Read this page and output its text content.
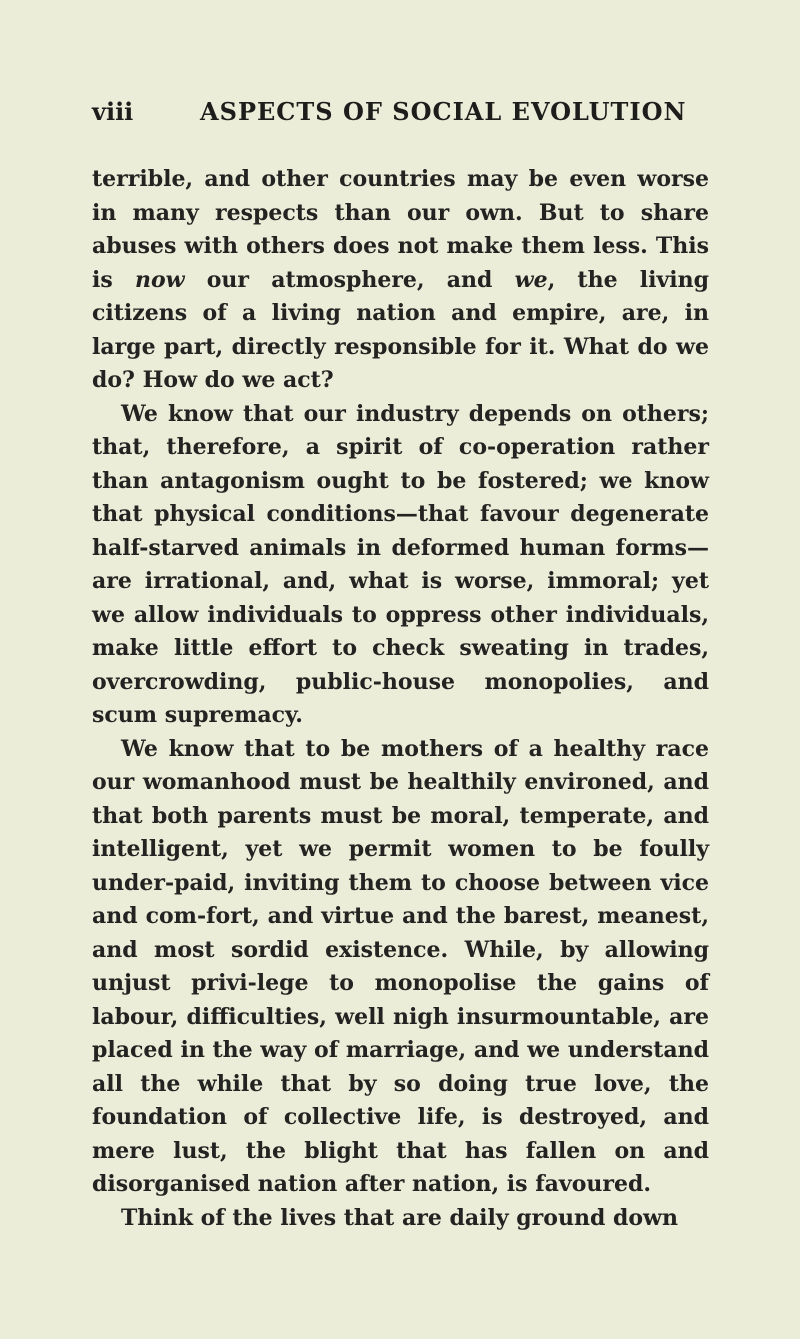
viii	ASPECTS OF SOCIAL EVOLUTION

terrible, and other countries may be even worse in many respects than our own. But to share abuses with others does not make them less. This is now our atmosphere, and we, the living citizens of a living nation and empire, are, in large part, directly responsible for it. What do we do? How do we act?

We know that our industry depends on others; that, therefore, a spirit of co-operation rather than antagonism ought to be fostered; we know that physical conditions—that favour degenerate half-starved animals in deformed human forms—are irrational, and, what is worse, immoral; yet we allow individuals to oppress other individuals, make little effort to check sweating in trades, overcrowding, public-house monopolies, and scum supremacy.

We know that to be mothers of a healthy race our womanhood must be healthily environed, and that both parents must be moral, temperate, and intelligent, yet we permit women to be foully under-paid, inviting them to choose between vice and com-fort, and virtue and the barest, meanest, and most sordid existence. While, by allowing unjust privi-lege to monopolise the gains of labour, difficulties, well nigh insurmountable, are placed in the way of marriage, and we understand all the while that by so doing true love, the foundation of collective life, is destroyed, and mere lust, the blight that has fallen on and disorganised nation after nation, is favoured.

Think of the lives that are daily ground down
